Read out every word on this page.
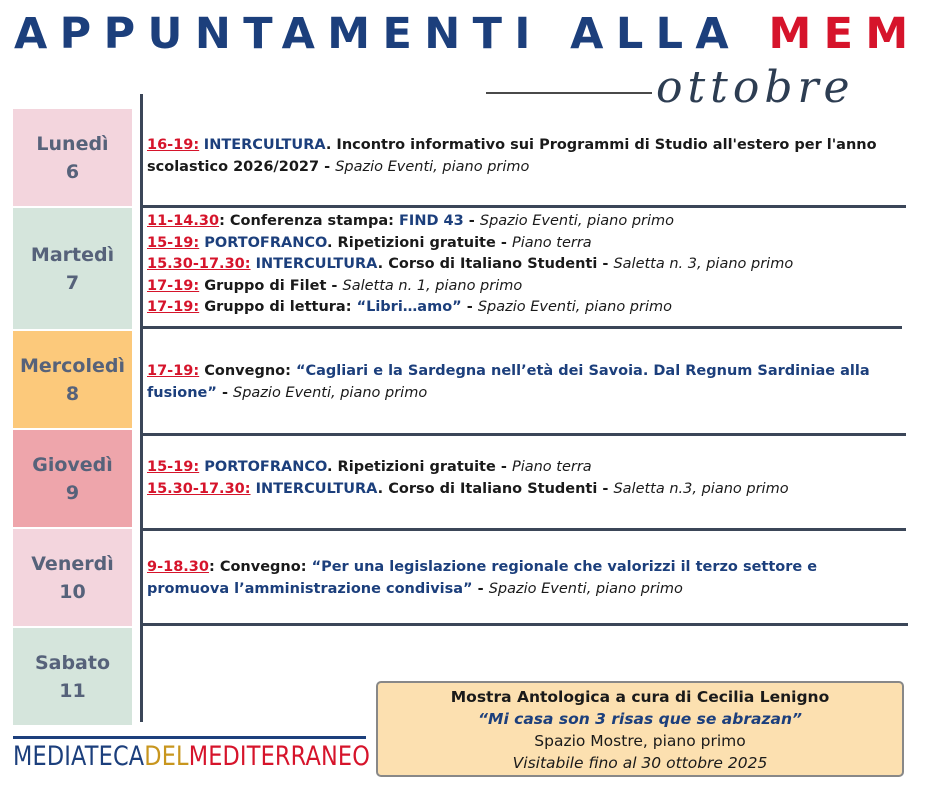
APPUNTAMENTI ALLA MEM
ottobre
Lunedì
6
Martedì
7
Mercoledì
8
Giovedì
9
Venerdì
10
Sabato
11
16-19: INTERCULTURA. Incontro informativo sui Programmi di Studio all'estero per l'anno scolastico 2026/2027 - Spazio Eventi, piano primo
11-14.30: Conferenza stampa: FIND 43 - Spazio Eventi, piano primo
15-19: PORTOFRANCO. Ripetizioni gratuite - Piano terra
15.30-17.30: INTERCULTURA. Corso di Italiano Studenti - Saletta n. 3, piano primo
17-19: Gruppo di Filet - Saletta n. 1, piano primo
17-19: Gruppo di lettura: “Libri…amo” - Spazio Eventi, piano primo
17-19: Convegno: “Cagliari e la Sardegna nell’età dei Savoia. Dal Regnum Sardiniae alla fusione” - Spazio Eventi, piano primo
15-19: PORTOFRANCO. Ripetizioni gratuite - Piano terra
15.30-17.30: INTERCULTURA. Corso di Italiano Studenti - Saletta n.3, piano primo
9-18.30: Convegno: “Per una legislazione regionale che valorizzi il terzo settore e promuova l’amministrazione condivisa” - Spazio Eventi, piano primo
Mostra Antologica a cura di Cecilia Lenigno
“Mi casa son 3 risas que se abrazan”
Spazio Mostre, piano primo
Visitabile fino al 30 ottobre 2025
MEDIATECADELMEDITERRANEO
